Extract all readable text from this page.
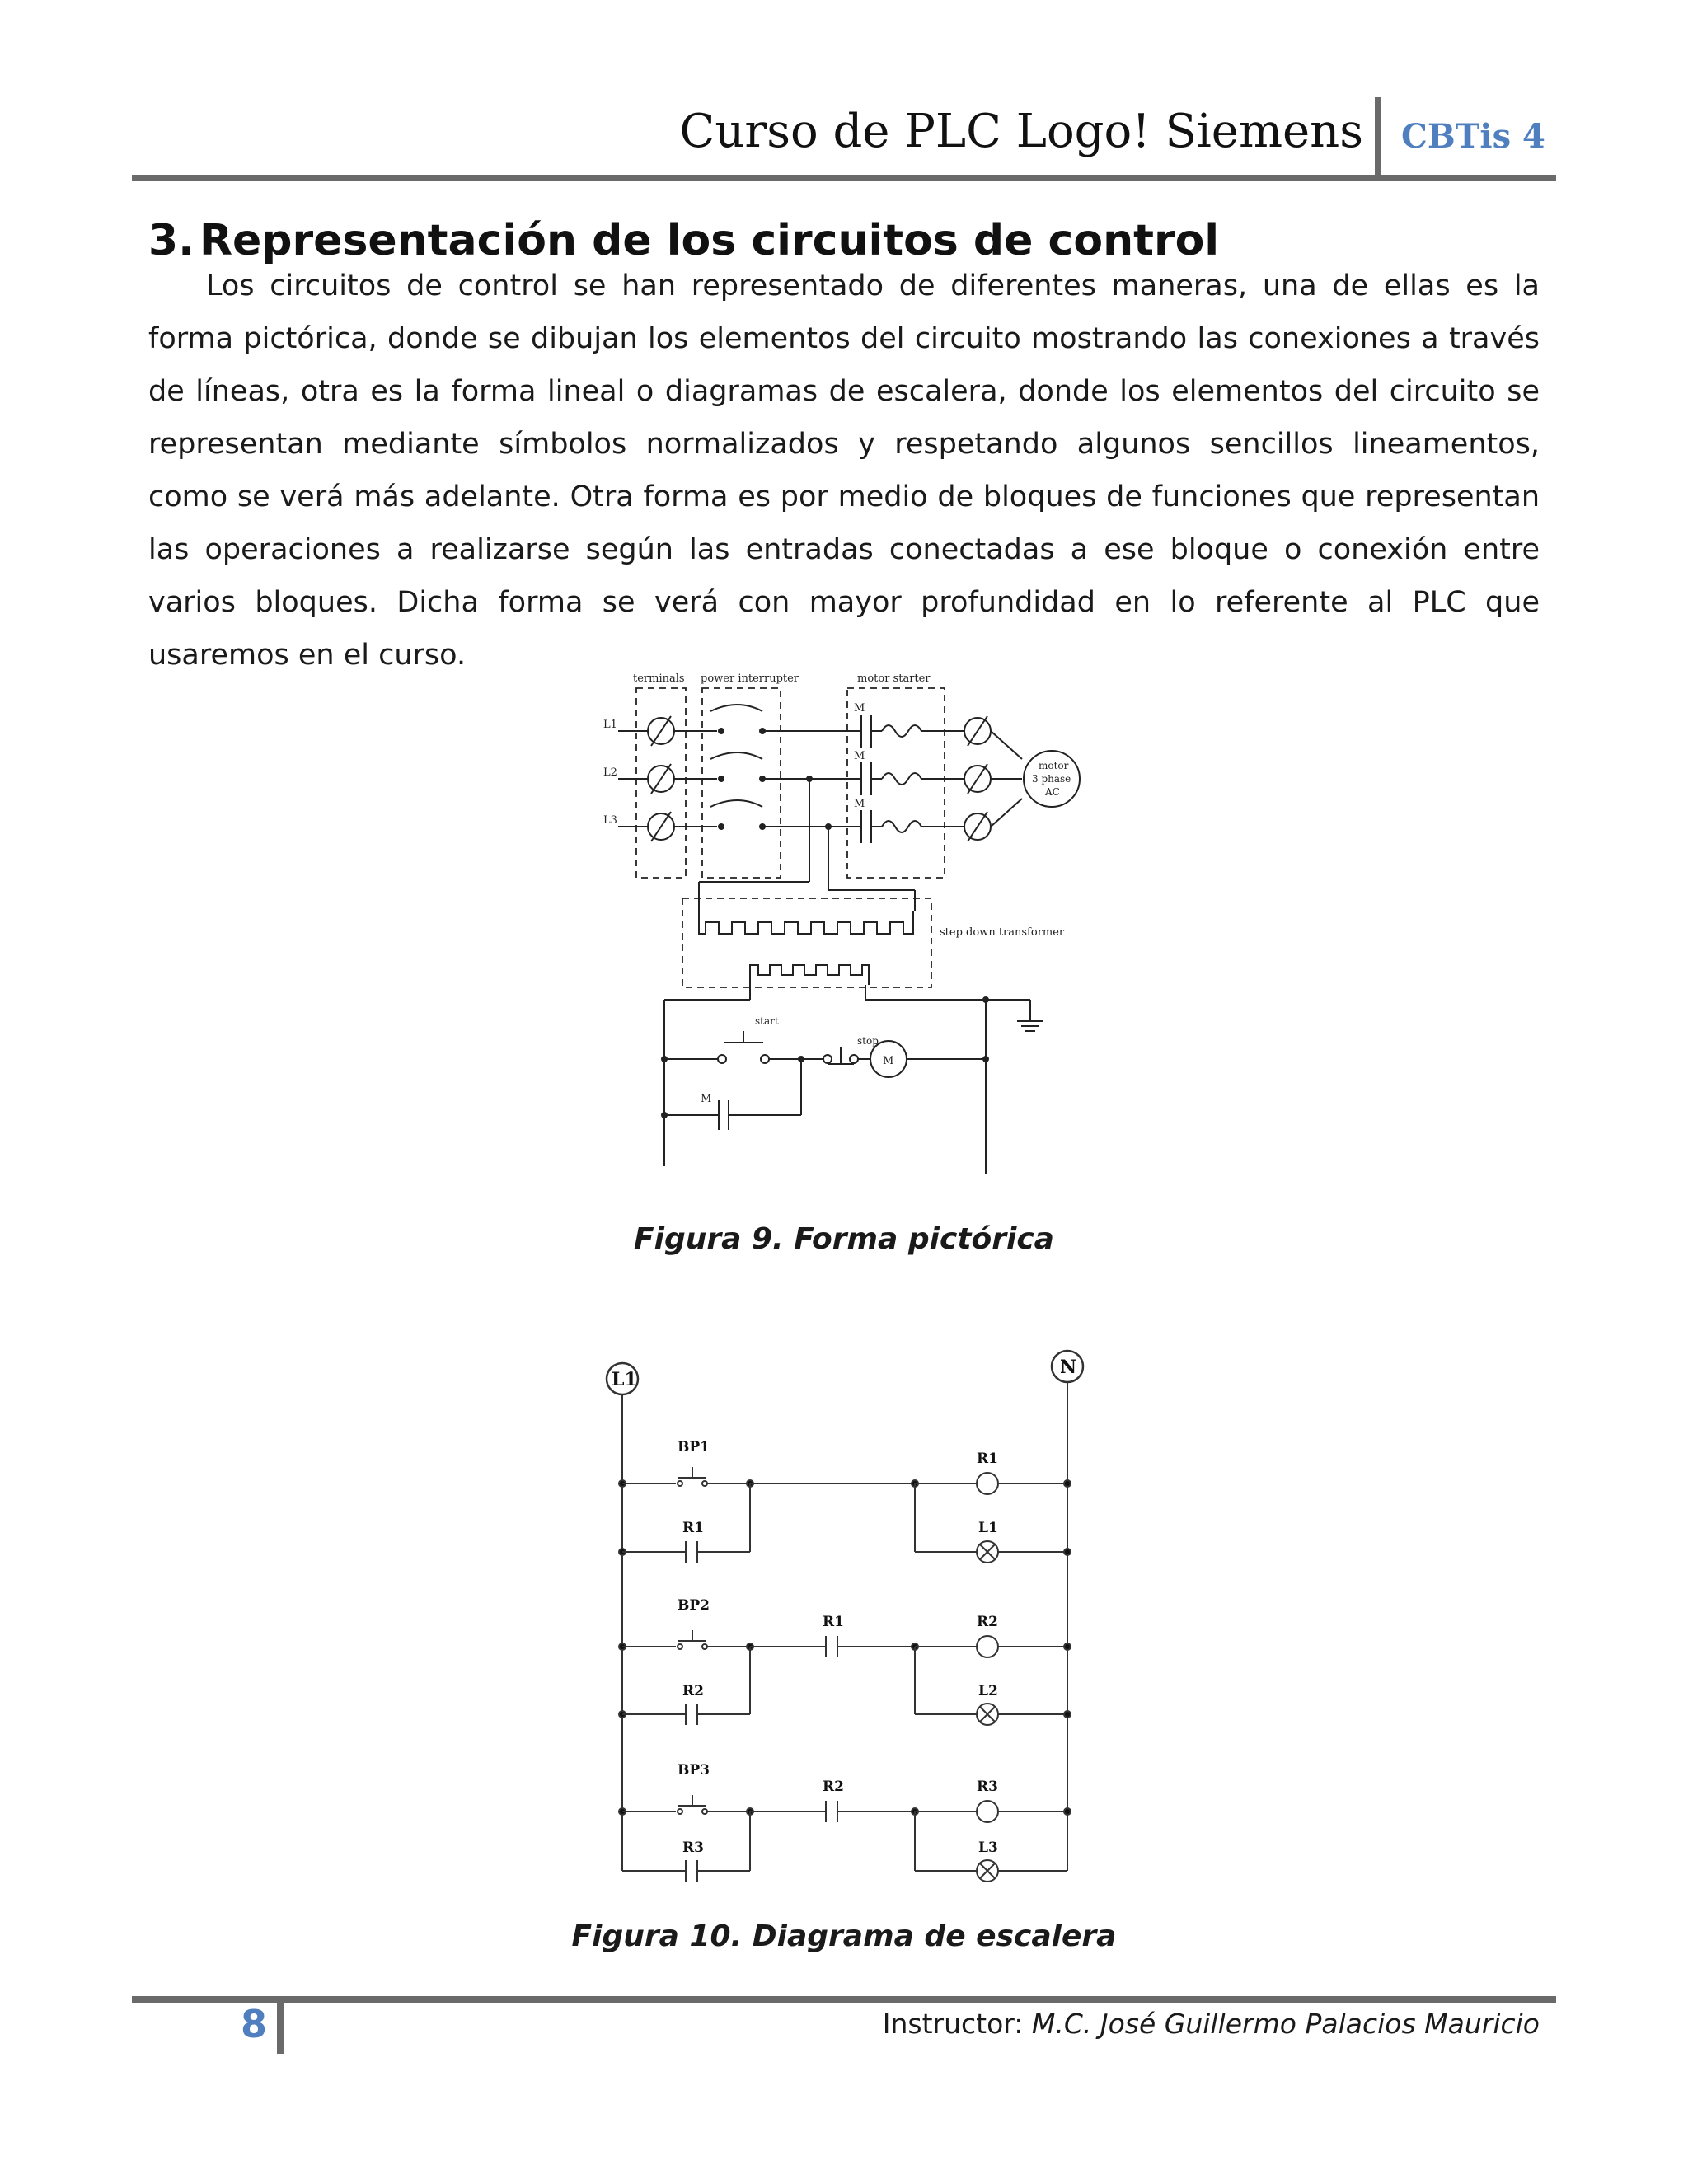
Curso de PLC Logo! Siemens CBTis 4
3. Representación de los circuitos de control

Los circuitos de control se han representado de diferentes maneras, una de ellas es la forma pictórica, donde se dibujan los elementos del circuito mostrando las conexiones a través de líneas, otra es la forma lineal o diagramas de escalera, donde los elementos del circuito se representan mediante símbolos normalizados y respetando algunos sencillos lineamentos, como se verá más adelante. Otra forma es por medio de bloques de funciones que representan las operaciones a realizarse según las entradas conectadas a ese bloque o conexión entre varios bloques. Dicha forma se verá con mayor profundidad en lo referente al PLC que usaremos en el curso.

terminals power interrupter	motor starter
L1
L2
L3
M
M
M
motor
3 phase
AC
step down transformer
start
stop
M
M
Figura 9. Forma pictórica
L1
N
BP1
R1
R1
L1
BP2
R1
R2
R2
L2
BP3
R2
R3
R3
L3
Figura 10. Diagrama de escalera
8	Instructor: M.C. José Guillermo Palacios Mauricio
